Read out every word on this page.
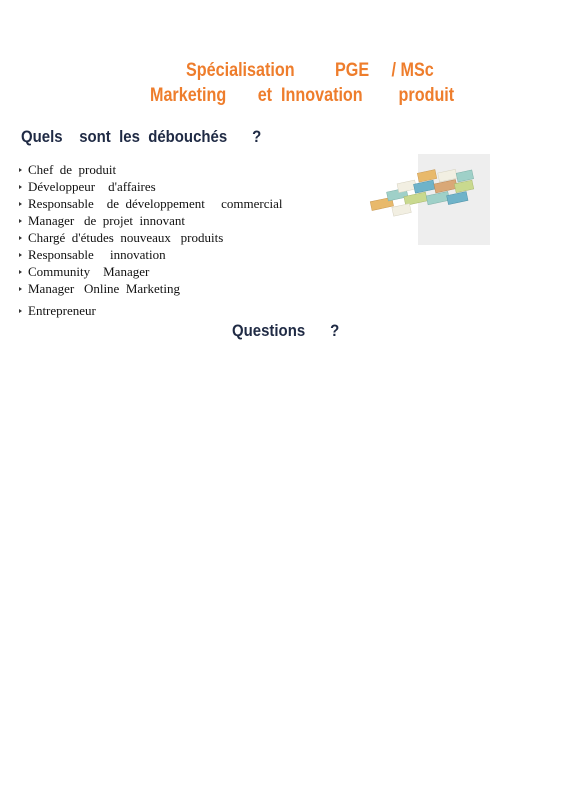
Spécialisation         PGE     / MSc
Marketing       et  Innovation        produit
Quels    sont  les  débouchés      ?
Chef  de  produit
Développeur    d'affaires
Responsable    de  développement     commercial
Manager   de  projet  innovant
Chargé  d'études  nouveaux   produits
Responsable     innovation
Community    Manager
Manager   Online  Marketing
Entrepreneur
Questions      ?
